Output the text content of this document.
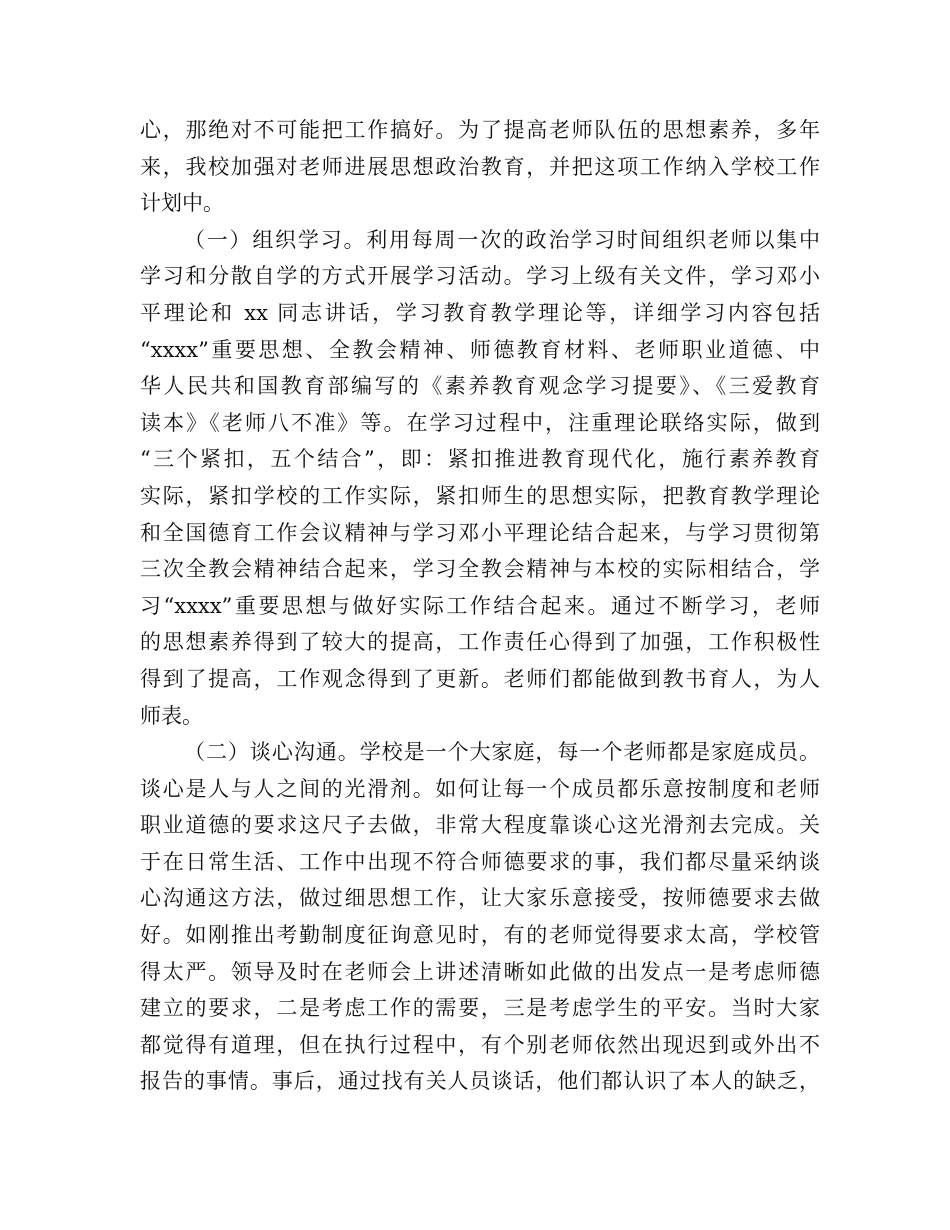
心，那绝对不可能把工作搞好。为了提高老师队伍的思想素养，多年
来，我校加强对老师进展思想政治教育，并把这项工作纳入学校工作
计划中。
（一）组织学习。利用每周一次的政治学习时间组织老师以集中
学习和分散自学的方式开展学习活动。学习上级有关文件，学习邓小
平理论和 xx 同志讲话，学习教育教学理论等，详细学习内容包括
“xxxx”重要思想、全教会精神、师德教育材料、老师职业道德、中
华人民共和国教育部编写的《素养教育观念学习提要》、《三爱教育
读本》《老师八不准》等。在学习过程中，注重理论联络实际，做到
“三个紧扣，五个结合”，即：紧扣推进教育现代化，施行素养教育
实际，紧扣学校的工作实际，紧扣师生的思想实际，把教育教学理论
和全国德育工作会议精神与学习邓小平理论结合起来，与学习贯彻第
三次全教会精神结合起来，学习全教会精神与本校的实际相结合，学
习“xxxx”重要思想与做好实际工作结合起来。通过不断学习，老师
的思想素养得到了较大的提高，工作责任心得到了加强，工作积极性
得到了提高，工作观念得到了更新。老师们都能做到教书育人，为人
师表。
（二）谈心沟通。学校是一个大家庭，每一个老师都是家庭成员。
谈心是人与人之间的光滑剂。如何让每一个成员都乐意按制度和老师
职业道德的要求这尺子去做，非常大程度靠谈心这光滑剂去完成。关
于在日常生活、工作中出现不符合师德要求的事，我们都尽量采纳谈
心沟通这方法，做过细思想工作，让大家乐意接受，按师德要求去做
好。如刚推出考勤制度征询意见时，有的老师觉得要求太高，学校管
得太严。领导及时在老师会上讲述清晰如此做的出发点一是考虑师德
建立的要求，二是考虑工作的需要，三是考虑学生的平安。当时大家
都觉得有道理，但在执行过程中，有个别老师依然出现迟到或外出不
报告的事情。事后，通过找有关人员谈话，他们都认识了本人的缺乏，
